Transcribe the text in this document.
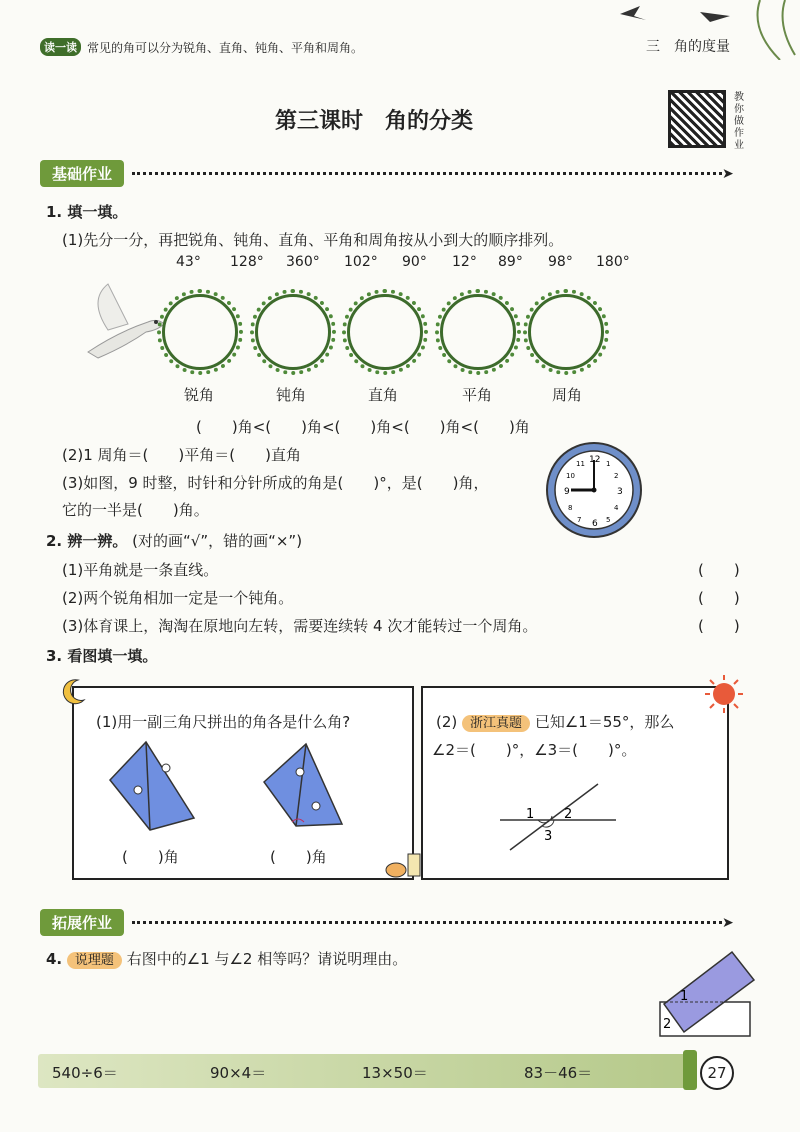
读一读 常见的角可以分为锐角、直角、钝角、平角和周角。	三　角的度量
第三课时　角的分类
教
你
做
作
业
基础作业	➤
1. 填一填。
(1)先分一分，再把锐角、钝角、直角、平角和周角按从小到大的顺序排列。
43° 128° 360° 102° 90° 12° 89° 98° 180°
锐角	钝角	直角	平角	周角
(　　)角<(　　)角<(　　)角<(　　)角<(　　)角
(2)1 周角＝(　　)平角＝(　　)直角
(3)如图，9 时整，时针和分针所成的角是(　　)°，是(　　)角，
它的一半是(　　)角。
12
3
6
9
1
2
4
5
7
8
10
11
2. 辨一辨。 (对的画“√”，错的画“×”)
(1)平角就是一条直线。
(2)两个锐角相加一定是一个钝角。
(3)体育课上，淘淘在原地向左转，需要连续转 4 次才能转过一个周角。
(　　)
(　　)
(　　)
3. 看图填一填。
(1)用一副三角尺拼出的角各是什么角?
(　　)角	(　　)角
(2) 浙江真题 已知∠1＝55°，那么
∠2＝(　　)°，∠3＝(　　)°。
1 2
3
拓展作业	➤
4. 说理题 右图中的∠1 与∠2 相等吗？请说明理由。
1
2
540÷6＝	90×4＝	13×50＝	83－46＝	27
